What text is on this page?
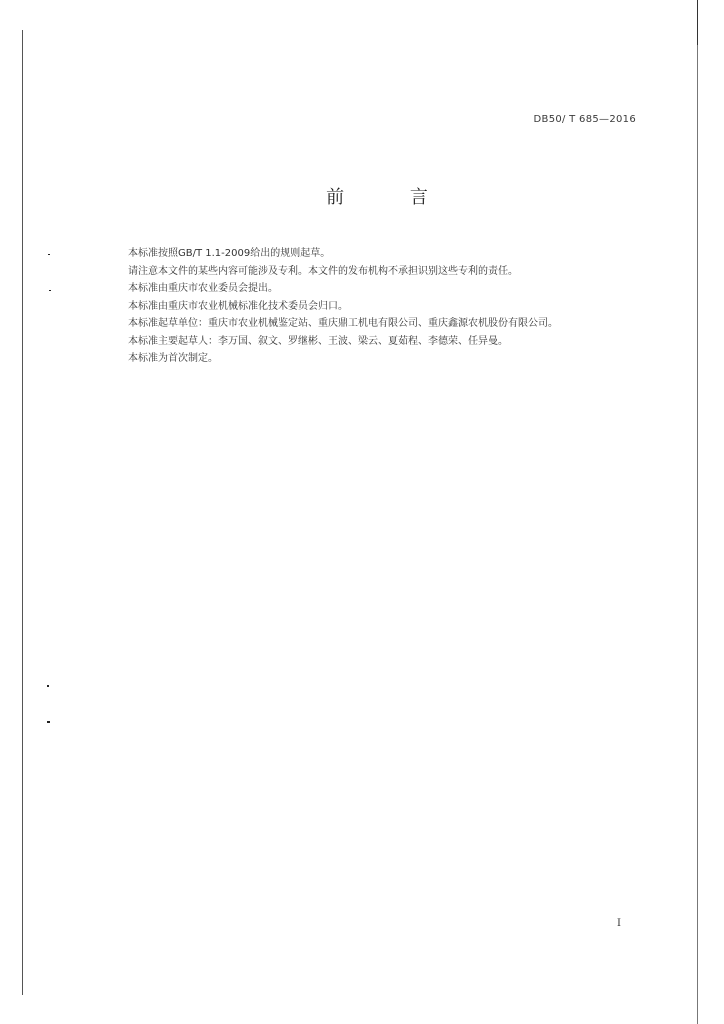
DB50/ T 685—2016
前 言
本标准按照GB/T 1.1-2009给出的规则起草。
请注意本文件的某些内容可能涉及专利。本文件的发布机构不承担识别这些专利的责任。
本标准由重庆市农业委员会提出。
本标准由重庆市农业机械标准化技术委员会归口。
本标准起草单位：重庆市农业机械鉴定站、重庆鼎工机电有限公司、重庆鑫源农机股份有限公司。
本标准主要起草人：李万国、叙文、罗继彬、王波、梁云、夏茹程、李德荣、任异曼。
本标准为首次制定。
I
